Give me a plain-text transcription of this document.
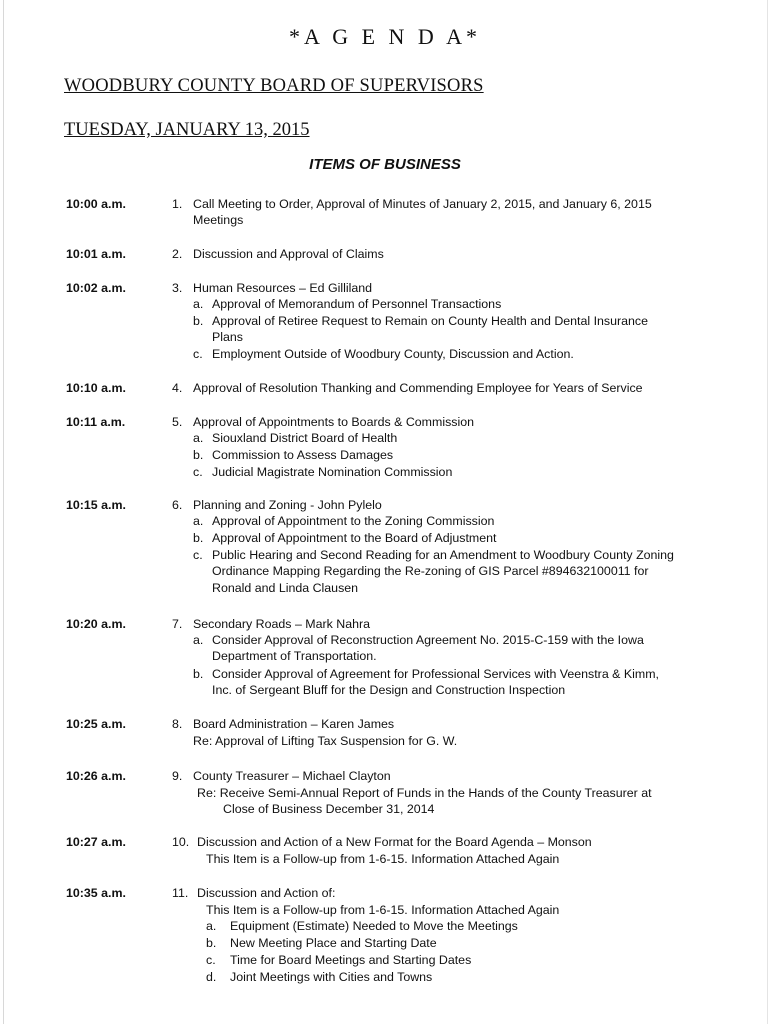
*A G E N D A*
WOODBURY COUNTY BOARD OF SUPERVISORS
TUESDAY, JANUARY 13, 2015
ITEMS OF BUSINESS
10:00 a.m.	1. Call Meeting to Order, Approval of Minutes of January 2, 2015, and January 6, 2015
Meetings
10:01 a.m.	2. Discussion and Approval of Claims
10:02 a.m.	3. Human Resources – Ed Gilliland
a. Approval of Memorandum of Personnel Transactions
b. Approval of Retiree Request to Remain on County Health and Dental Insurance
Plans
c. Employment Outside of Woodbury County, Discussion and Action.
10:10 a.m.	4. Approval of Resolution Thanking and Commending Employee for Years of Service
10:11 a.m.	5. Approval of Appointments to Boards & Commission
a. Siouxland District Board of Health
b. Commission to Assess Damages
c. Judicial Magistrate Nomination Commission
10:15 a.m.	6. Planning and Zoning - John Pylelo
a. Approval of Appointment to the Zoning Commission
b. Approval of Appointment to the Board of Adjustment
c. Public Hearing and Second Reading for an Amendment to Woodbury County Zoning
Ordinance Mapping Regarding the Re-zoning of GIS Parcel #894632100011 for
Ronald and Linda Clausen
10:20 a.m.	7. Secondary Roads – Mark Nahra
a. Consider Approval of Reconstruction Agreement No. 2015-C-159 with the Iowa
Department of Transportation.
b. Consider Approval of Agreement for Professional Services with Veenstra & Kimm,
Inc. of Sergeant Bluff for the Design and Construction Inspection
10:25 a.m.	8. Board Administration – Karen James
Re: Approval of Lifting Tax Suspension for G. W.
10:26 a.m.	9. County Treasurer – Michael Clayton
Re: Receive Semi-Annual Report of Funds in the Hands of the County Treasurer at
Close of Business December 31, 2014
10:27 a.m.	10. Discussion and Action of a New Format for the Board Agenda – Monson
This Item is a Follow-up from 1-6-15. Information Attached Again
10:35 a.m.	11. Discussion and Action of:
This Item is a Follow-up from 1-6-15. Information Attached Again
a. Equipment (Estimate) Needed to Move the Meetings
b. New Meeting Place and Starting Date
c. Time for Board Meetings and Starting Dates
d. Joint Meetings with Cities and Towns
